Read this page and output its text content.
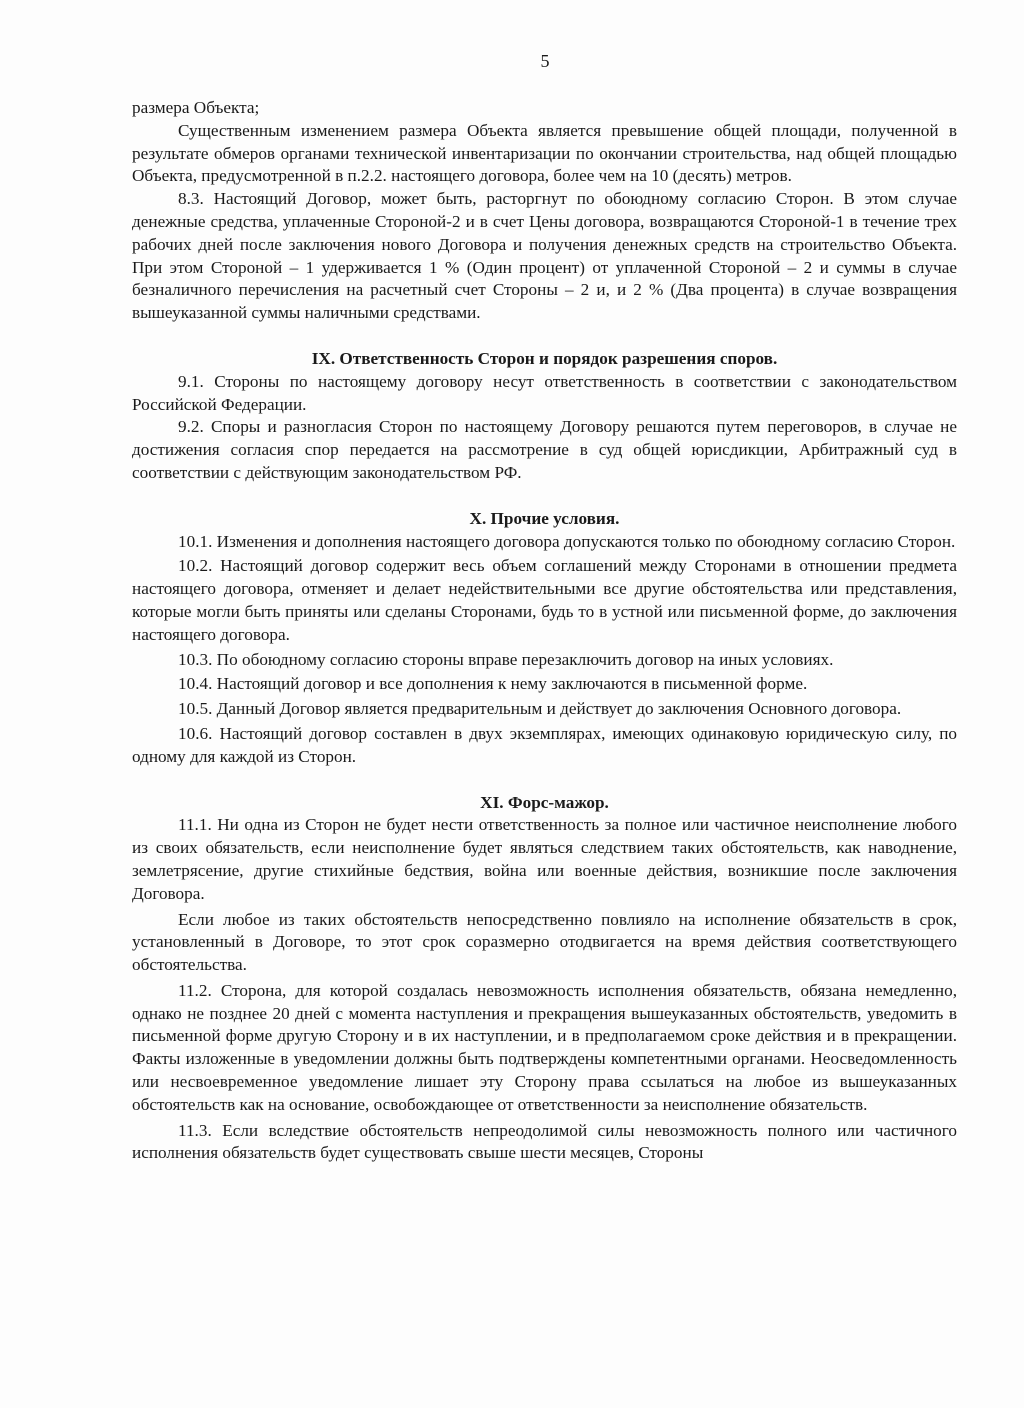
5

размера Объекта;

Существенным изменением размера Объекта является превышение общей площади, полученной в результате обмеров органами технической инвентаризации по окончании строительства, над общей площадью Объекта, предусмотренной в п.2.2. настоящего договора, более чем на 10 (десять) метров.

8.3. Настоящий Договор, может быть, расторгнут по обоюдному согласию Сторон. В этом случае денежные средства, уплаченные Стороной-2 и в счет Цены договора, возвращаются Стороной-1 в течение трех рабочих дней после заключения нового Договора и получения денежных средств на строительство Объекта. При этом Стороной – 1 удерживается 1 % (Один процент) от уплаченной Стороной – 2 и суммы в случае безналичного перечисления на расчетный счет Стороны – 2 и, и 2 % (Два процента) в случае возвращения вышеуказанной суммы наличными средствами.

IX. Ответственность Сторон и порядок разрешения споров.

9.1. Стороны по настоящему договору несут ответственность в соответствии с законодательством Российской Федерации.

9.2. Споры и разногласия Сторон по настоящему Договору решаются путем переговоров, в случае не достижения согласия спор передается на рассмотрение в суд общей юрисдикции, Арбитражный суд в соответствии с действующим законодательством РФ.

X. Прочие условия.

10.1. Изменения и дополнения настоящего договора допускаются только по обоюдному согласию Сторон.

10.2. Настоящий договор содержит весь объем соглашений между Сторонами в отношении предмета настоящего договора, отменяет и делает недействительными все другие обстоятельства или представления, которые могли быть приняты или сделаны Сторонами, будь то в устной или письменной форме, до заключения настоящего договора.

10.3. По обоюдному согласию стороны вправе перезаключить договор на иных условиях.

10.4. Настоящий договор и все дополнения к нему заключаются в письменной форме.

10.5. Данный Договор является предварительным и действует до заключения Основного договора.

10.6. Настоящий договор составлен в двух экземплярах, имеющих одинаковую юридическую силу, по одному для каждой из Сторон.

XI. Форс-мажор.

11.1. Ни одна из Сторон не будет нести ответственность за полное или частичное неисполнение любого из своих обязательств, если неисполнение будет являться следствием таких обстоятельств, как наводнение, землетрясение, другие стихийные бедствия, война или военные действия, возникшие после заключения Договора.

Если любое из таких обстоятельств непосредственно повлияло на исполнение обязательств в срок, установленный в Договоре, то этот срок соразмерно отодвигается на время действия соответствующего обстоятельства.

11.2. Сторона, для которой создалась невозможность исполнения обязательств, обязана немедленно, однако не позднее 20 дней с момента наступления и прекращения вышеуказанных обстоятельств, уведомить в письменной форме другую Сторону и в их наступлении, и в предполагаемом сроке действия и в прекращении. Факты изложенные в уведомлении должны быть подтверждены компетентными органами. Неосведомленность или несвоевременное уведомление лишает эту Сторону права ссылаться на любое из вышеуказанных обстоятельств как на основание, освобождающее от ответственности за неисполнение обязательств.

11.3. Если вследствие обстоятельств непреодолимой силы невозможность полного или частичного исполнения обязательств будет существовать свыше шести месяцев, Стороны
